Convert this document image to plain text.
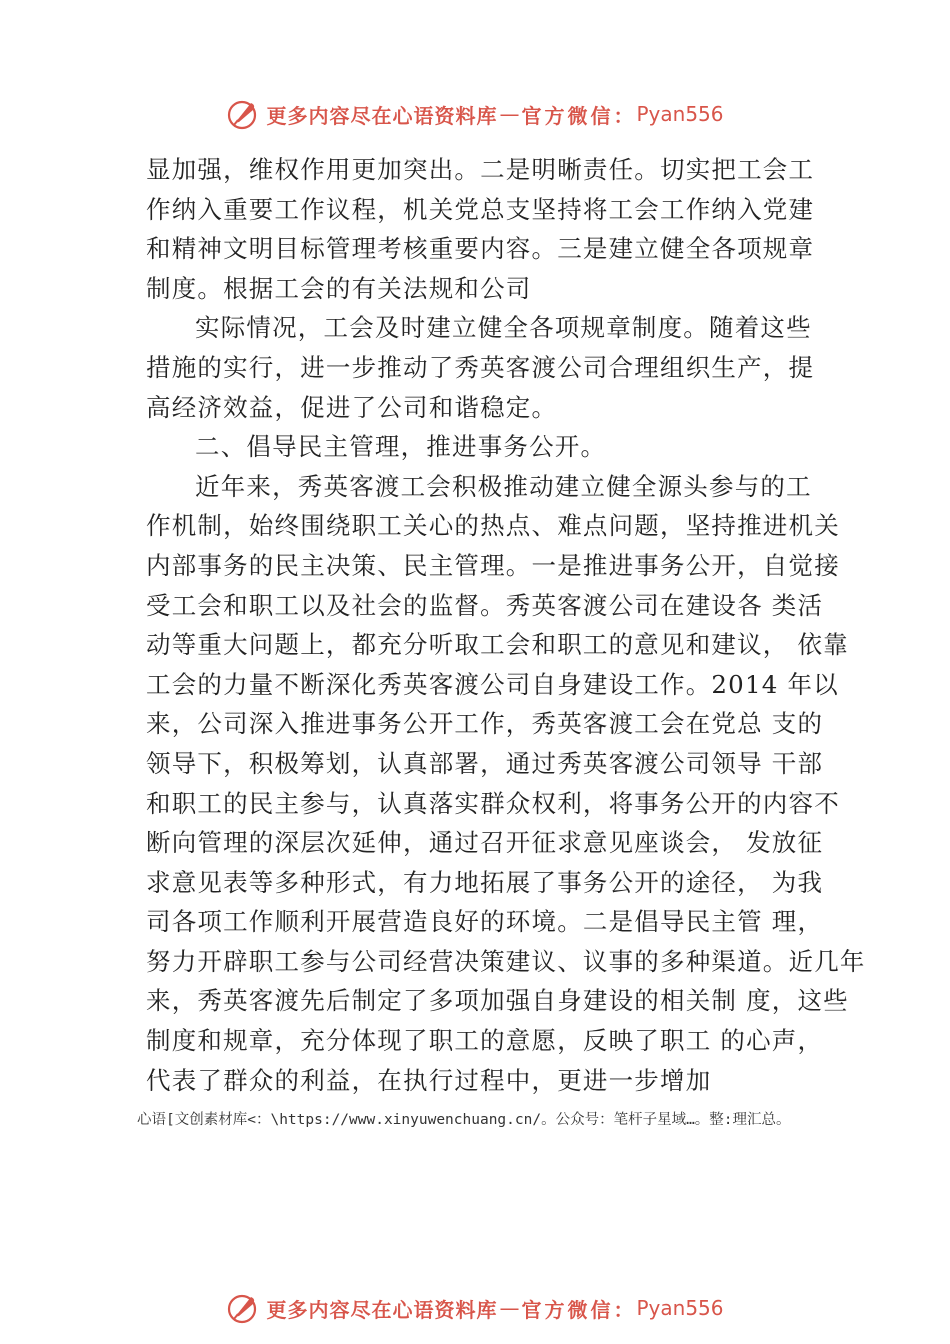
更多内容尽在心语资料库 — 官方微信： Pyan556
显加强，维权作用更加突出。二是明晰责任。切实把工会工
作纳入重要工作议程，机关党总支坚持将工会工作纳入党建
和精神文明目标管理考核重要内容。三是建立健全各项规章
制度。根据工会的有关法规和公司
实际情况，工会及时建立健全各项规章制度。随着这些
措施的实行，进一步推动了秀英客渡公司合理组织生产，提
高经济效益，促进了公司和谐稳定。
二、倡导民主管理，推进事务公开。
近年来，秀英客渡工会积极推动建立健全源头参与的工
作机制，始终围绕职工关心的热点、难点问题，坚持推进机关
内部事务的民主决策、民主管理。一是推进事务公开，自觉接
受工会和职工以及社会的监督。秀英客渡公司在建设各 类活
动等重大问题上，都充分听取工会和职工的意见和建议， 依靠
工会的力量不断深化秀英客渡公司自身建设工作。2014 年以
来，公司深入推进事务公开工作，秀英客渡工会在党总 支的
领导下，积极筹划，认真部署，通过秀英客渡公司领导 干部
和职工的民主参与，认真落实群众权利，将事务公开的内容不
断向管理的深层次延伸，通过召开征求意见座谈会， 发放征
求意见表等多种形式，有力地拓展了事务公开的途径， 为我
司各项工作顺利开展营造良好的环境。二是倡导民主管 理，
努力开辟职工参与公司经营决策建议、议事的多种渠道。近几年
来，秀英客渡先后制定了多项加强自身建设的相关制 度，这些
制度和规章，充分体现了职工的意愿，反映了职工 的心声，
代表了群众的利益，在执行过程中，更进一步增加
心语[文创素材库<：\https://www.xinyuwenchuang.cn/。公众号：笔杆子星域…。整:理汇总。
更多内容尽在心语资料库 — 官方微信： Pyan556
